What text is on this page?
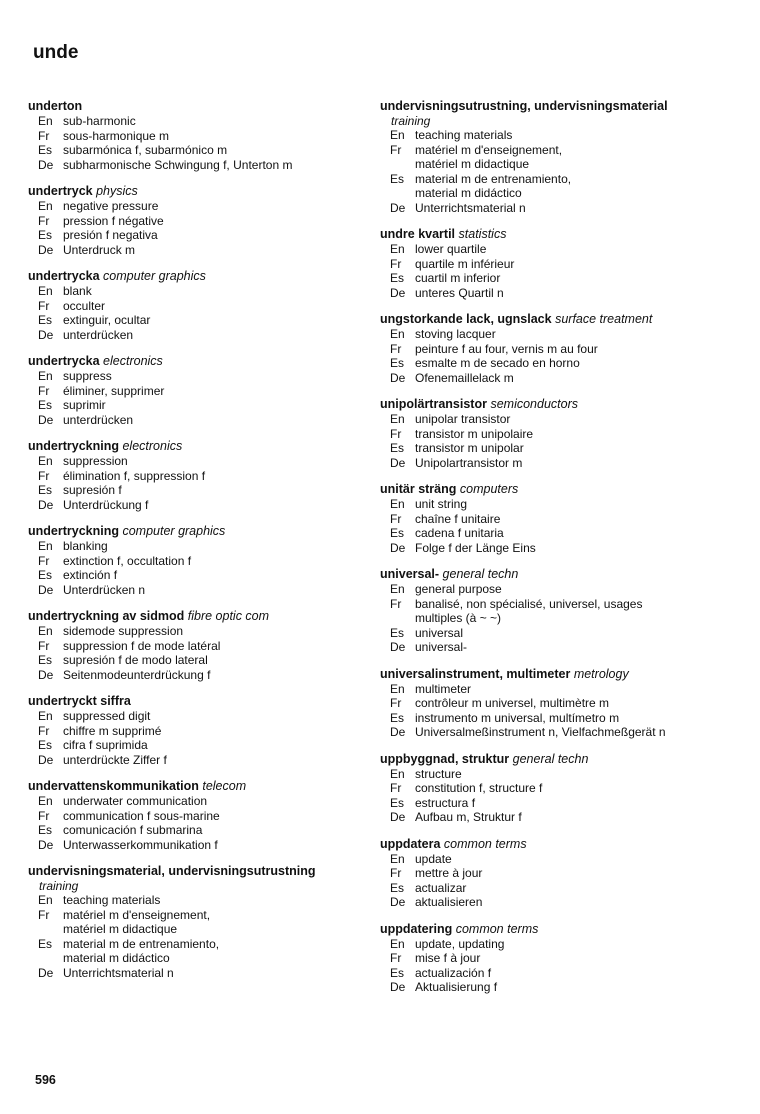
unde
underton
En sub-harmonic
Fr	sous-harmonique m
Es subarmónica f, subarmónico m
De subharmonische Schwingung f, Unterton m
undertryck physics
En negative pressure
Fr	pression f négative
Es presión f negativa
De Unterdruck m
undertrycka computer graphics
En blank
Fr	occulter
Es extinguir, ocultar
De unterdrücken
undertrycka electronics
En suppress
Fr	éliminer, supprimer
Es suprimir
De unterdrücken
undertryckning electronics
En suppression
Fr	élimination f, suppression f
Es supresión f
De Unterdrückung f
undertryckning computer graphics
En blanking
Fr	extinction f, occultation f
Es extinción f
De Unterdrücken n
undertryckning av sidmod fibre optic com
En sidemode suppression
Fr	suppression f de mode latéral
Es supresión f de modo lateral
De Seitenmodeunterdrückung f
undertryckt siffra
En suppressed digit
Fr	chiffre m supprimé
Es cifra f suprimida
De unterdrückte Ziffer f
undervattenskommunikation telecom
En underwater communication
Fr	communication f sous-marine
Es comunicación f submarina
De Unterwasserkommunikation f
undervisningsmaterial, undervisningsutrustning
training
En teaching materials
Fr	matériel m d'enseignement,
matériel m didactique
Es material m de entrenamiento,
material m didáctico
De Unterrichtsmaterial n
undervisningsutrustning, undervisningsmaterial
training
En teaching materials
Fr	matériel m d'enseignement,
matériel m didactique
Es material m de entrenamiento,
material m didáctico
De Unterrichtsmaterial n
undre kvartil statistics
En lower quartile
Fr	quartile m inférieur
Es cuartil m inferior
De unteres Quartil n
ungstorkande lack, ugnslack surface treatment
En stoving lacquer
Fr	peinture f au four, vernis m au four
Es esmalte m de secado en horno
De Ofenemaillelack m
unipolärtransistor semiconductors
En unipolar transistor
Fr	transistor m unipolaire
Es transistor m unipolar
De Unipolartransistor m
unitär sträng computers
En unit string
Fr	chaîne f unitaire
Es cadena f unitaria
De Folge f der Länge Eins
universal- general techn
En general purpose
Fr	banalisé, non spécialisé, universel, usages
multiples (à ~ ~)
Es universal
De universal-
universalinstrument, multimeter metrology
En multimeter
Fr	contrôleur m universel, multimètre m
Es instrumento m universal, multímetro m
De Universalmeßinstrument n, Vielfachmeßgerät n
uppbyggnad, struktur general techn
En structure
Fr	constitution f, structure f
Es estructura f
De Aufbau m, Struktur f
uppdatera common terms
En update
Fr	mettre à jour
Es actualizar
De aktualisieren
uppdatering common terms
En update, updating
Fr	mise f à jour
Es actualización f
De Aktualisierung f
596
